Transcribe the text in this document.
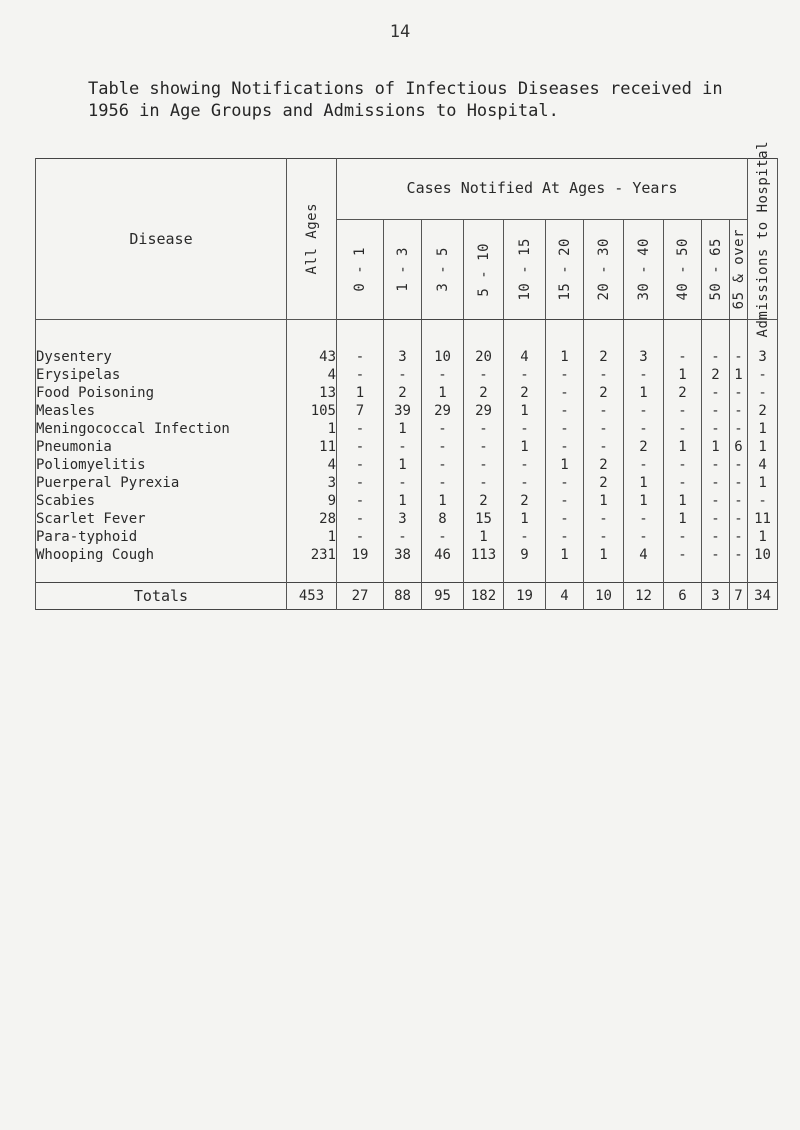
14
Table showing Notifications of Infectious Diseases received in 1956 in Age Groups and Admissions to Hospital.
Disease	All Ages	Cases Notified At Ages - Years											Admissions to Hospital

		0 - 1	1 - 3	3 - 5	5 - 10	10 - 15	15 - 20	20 - 30	30 - 40	40 - 50	50 - 65	65 & over	

Dysentery	43	-	3	10	20	4	1	2	3	-	-	-	3
Erysipelas	4	-	-	-	-	-	-	-	-	1	2	1	-
Food Poisoning	13	1	2	1	2	2	-	2	1	2	-	-	-
Measles	105	7	39	29	29	1	-	-	-	-	-	-	2
Meningococcal Infection	1	-	1	-	-	-	-	-	-	-	-	-	1
Pneumonia	11	-	-	-	-	1	-	-	2	1	1	6	1
Poliomyelitis	4	-	1	-	-	-	1	2	-	-	-	-	4
Puerperal Pyrexia	3	-	-	-	-	-	-	2	1	-	-	-	1
Scabies	9	-	1	1	2	2	-	1	1	1	-	-	-
Scarlet Fever	28	-	3	8	15	1	-	-	-	1	-	-	11
Para-typhoid	1	-	-	-	1	-	-	-	-	-	-	-	1
Whooping Cough	231	19	38	46	113	9	1	1	4	-	-	-	10

Totals	453	27	88	95	182	19	4	10	12	6	3	7	34
